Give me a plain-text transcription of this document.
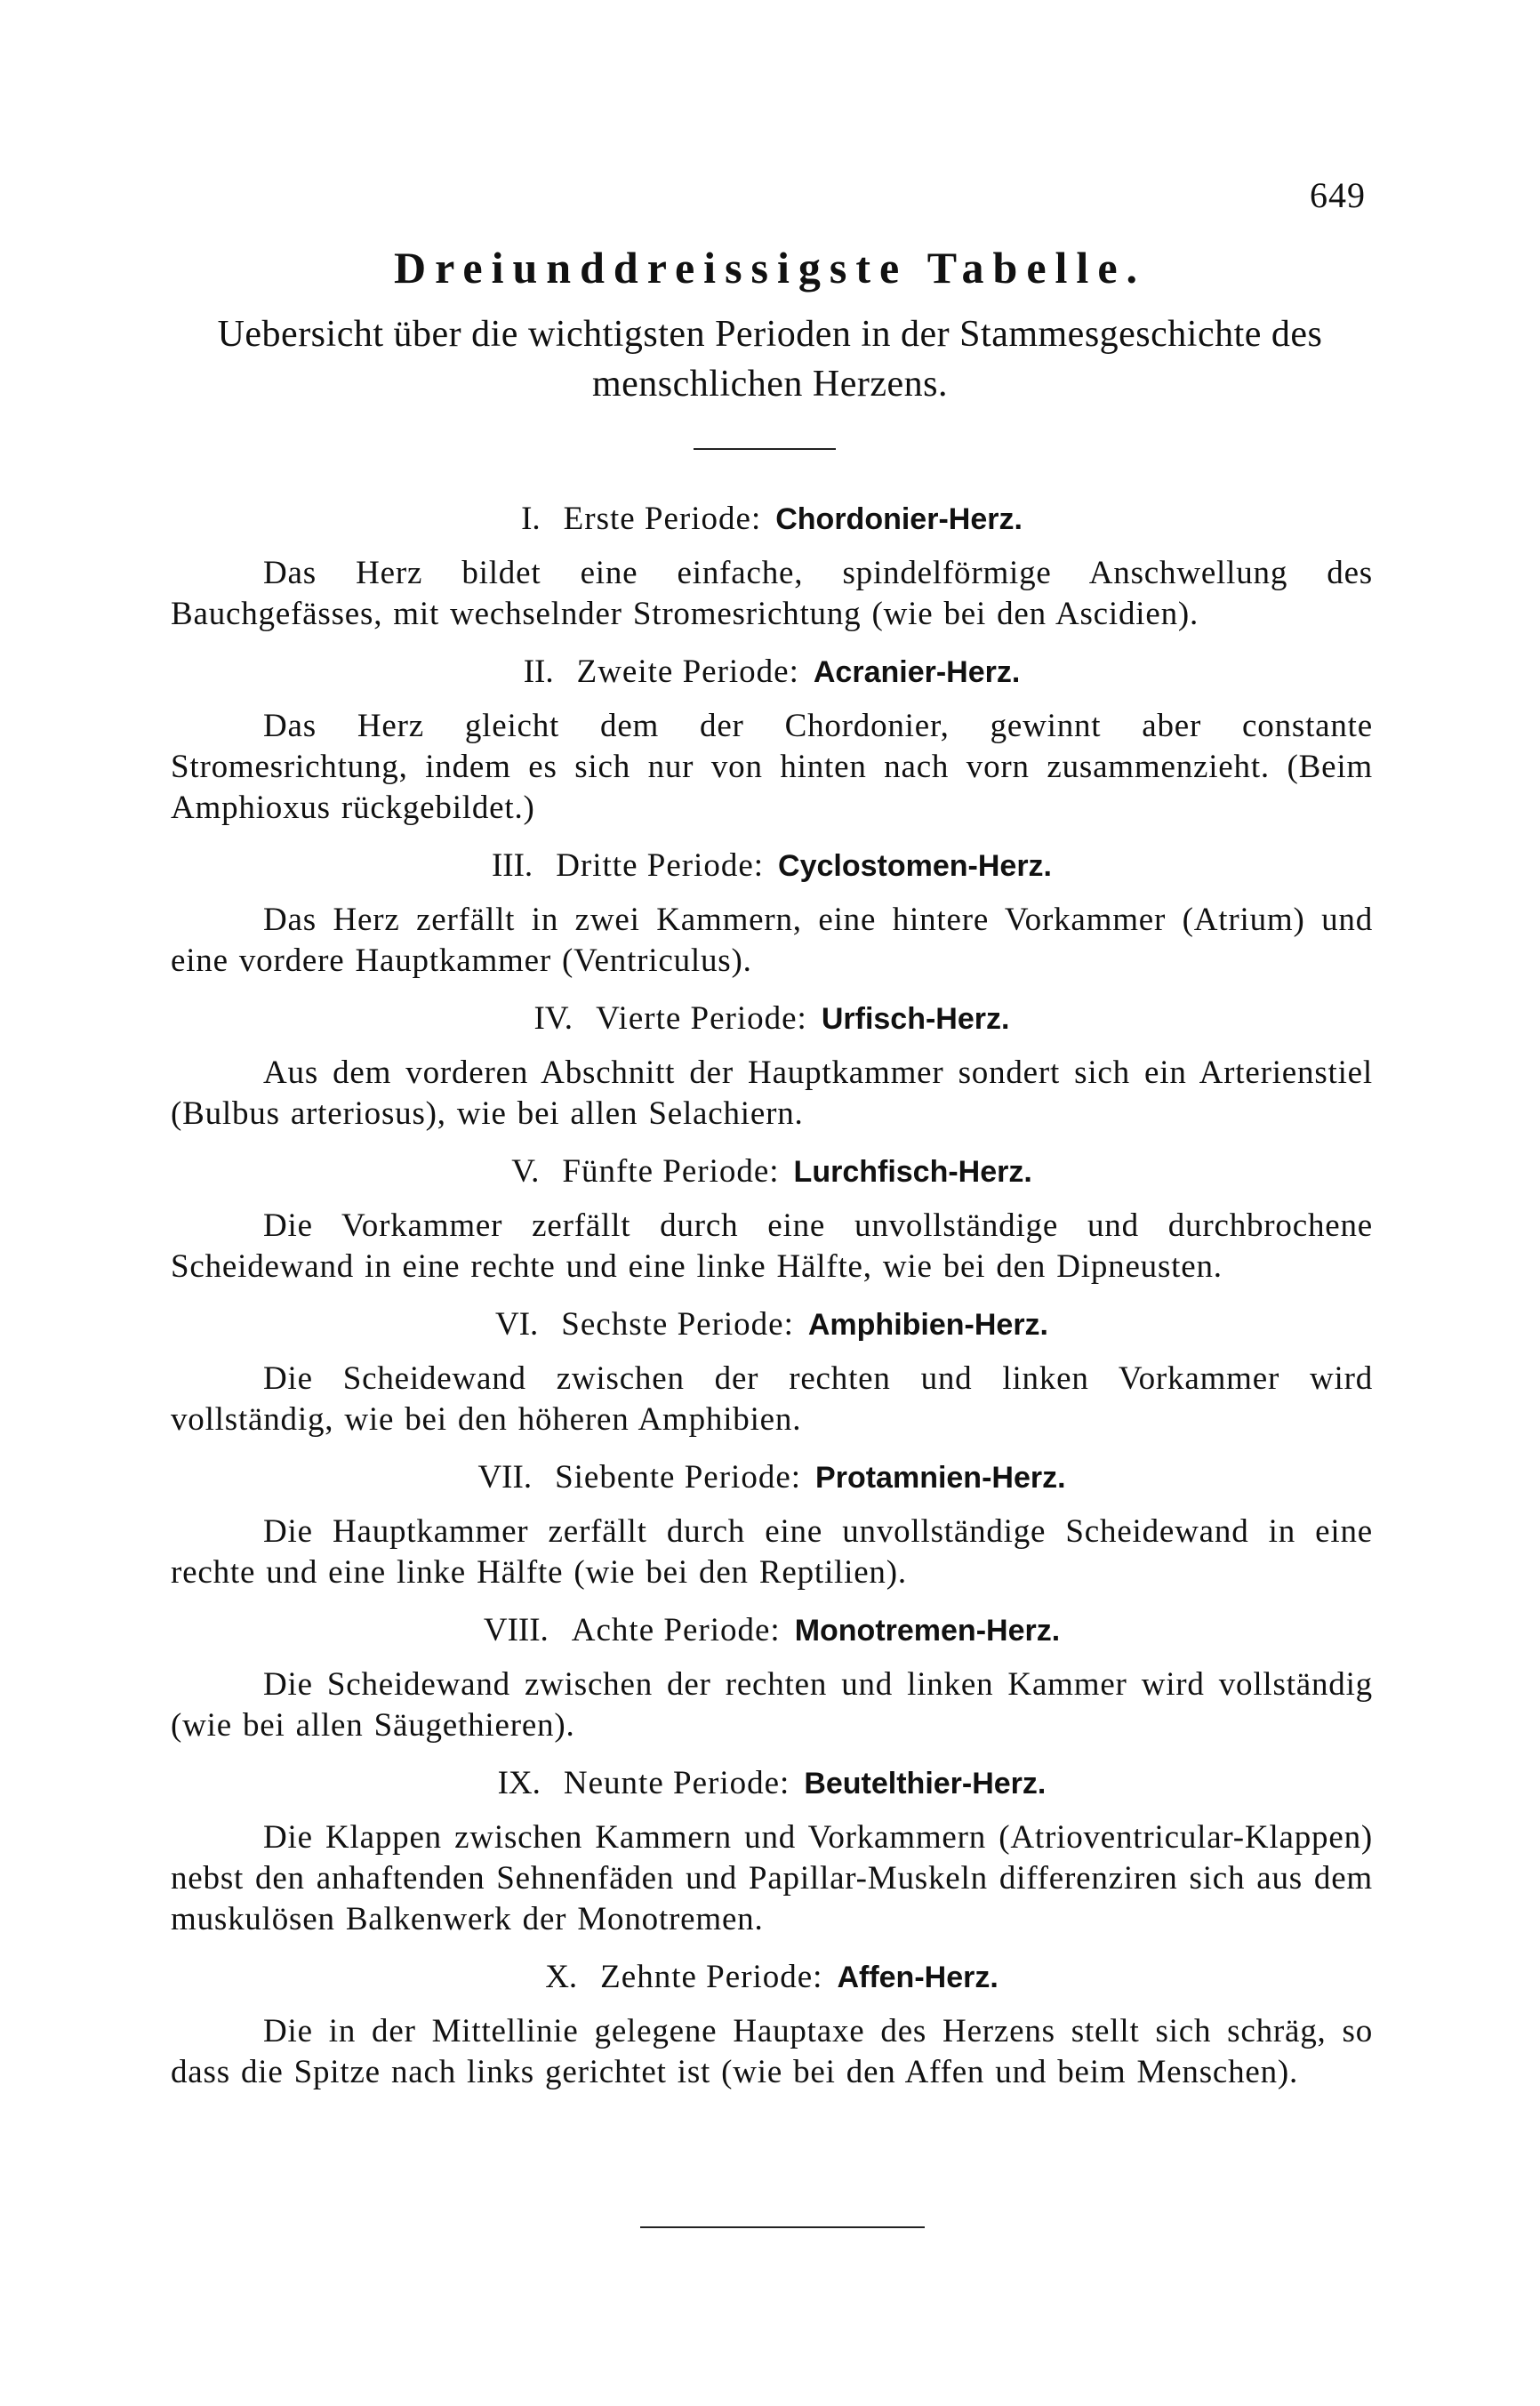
649
Dreiunddreissigste Tabelle.
Uebersicht über die wichtigsten Perioden in der Stammesgeschichte des menschlichen Herzens.
I. Erste Periode: Chordonier-Herz.

Das Herz bildet eine einfache, spindelförmige Anschwellung des Bauchgefässes, mit wechselnder Stromesrichtung (wie bei den Ascidien).

II. Zweite Periode: Acranier-Herz.

Das Herz gleicht dem der Chordonier, gewinnt aber constante Stromesrichtung, indem es sich nur von hinten nach vorn zusammenzieht. (Beim Amphioxus rückgebildet.)

III. Dritte Periode: Cyclostomen-Herz.

Das Herz zerfällt in zwei Kammern, eine hintere Vorkammer (Atrium) und eine vordere Hauptkammer (Ventriculus).

IV. Vierte Periode: Urfisch-Herz.

Aus dem vorderen Abschnitt der Hauptkammer sondert sich ein Arterienstiel (Bulbus arteriosus), wie bei allen Selachiern.

V. Fünfte Periode: Lurchfisch-Herz.

Die Vorkammer zerfällt durch eine unvollständige und durchbrochene Scheidewand in eine rechte und eine linke Hälfte, wie bei den Dipneusten.

VI. Sechste Periode: Amphibien-Herz.

Die Scheidewand zwischen der rechten und linken Vorkammer wird vollständig, wie bei den höheren Amphibien.

VII. Siebente Periode: Protamnien-Herz.

Die Hauptkammer zerfällt durch eine unvollständige Scheidewand in eine rechte und eine linke Hälfte (wie bei den Reptilien).

VIII. Achte Periode: Monotremen-Herz.

Die Scheidewand zwischen der rechten und linken Kammer wird vollständig (wie bei allen Säugethieren).

IX. Neunte Periode: Beutelthier-Herz.

Die Klappen zwischen Kammern und Vorkammern (Atrioventricular-Klappen) nebst den anhaftenden Sehnenfäden und Papillar-Muskeln differenziren sich aus dem muskulösen Balkenwerk der Monotremen.

X. Zehnte Periode: Affen-Herz.

Die in der Mittellinie gelegene Hauptaxe des Herzens stellt sich schräg, so dass die Spitze nach links gerichtet ist (wie bei den Affen und beim Menschen).
